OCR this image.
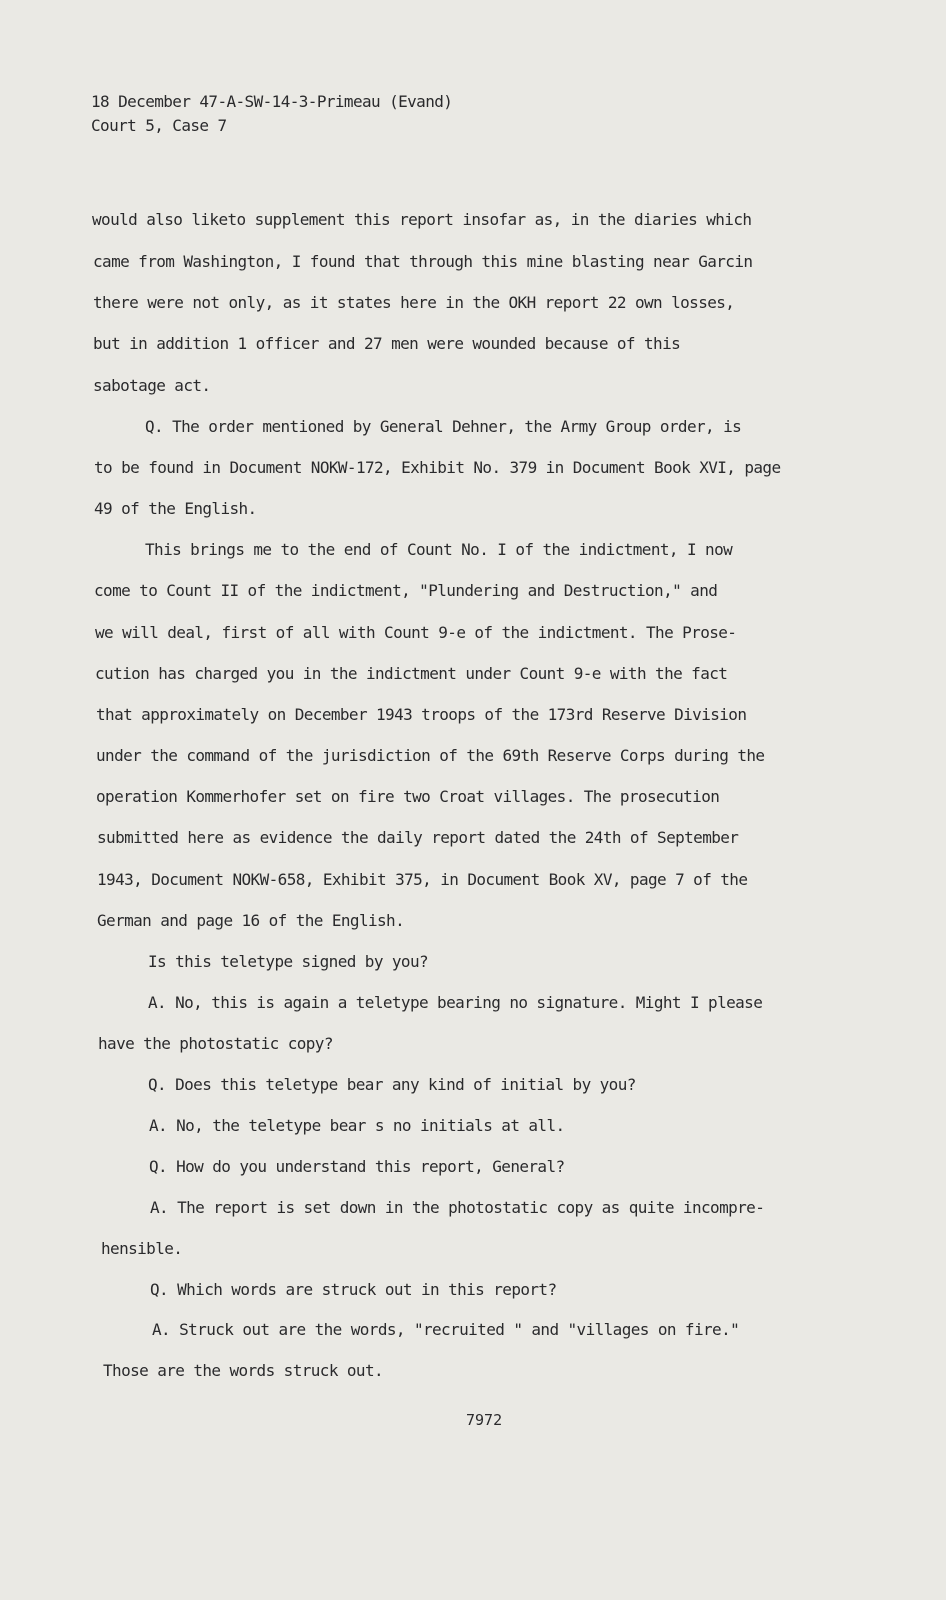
18 December 47-A-SW-14-3-Primeau (Evand)
Court 5, Case 7
would also liketo supplement this report insofar as, in the diaries which
came from Washington, I found that through this mine blasting near Garcin
there were not only, as it states here in the OKH report 22 own losses,
but in addition 1 officer and 27 men were wounded because of this
sabotage act.
Q. The order mentioned by General Dehner, the Army Group order, is
to be found in Document NOKW-172, Exhibit No. 379 in Document Book XVI, page
49 of the English.
This brings me to the end of Count No. I of the indictment, I now
come to Count II of the indictment, "Plundering and Destruction," and
we will deal, first of all with Count 9-e of the indictment. The Prose-
cution has charged you in the indictment under Count 9-e with the fact
that approximately on December 1943 troops of the 173rd Reserve Division
under the command of the jurisdiction of the 69th Reserve Corps during the
operation Kommerhofer set on fire two Croat villages. The prosecution
submitted here as evidence the daily report dated the 24th of September
1943, Document NOKW-658, Exhibit 375, in Document Book XV, page 7 of the
German and page 16 of the English.
Is this teletype signed by you?
A. No, this is again a teletype bearing no signature. Might I please
have the photostatic copy?
Q. Does this teletype bear any kind of initial by you?
A. No, the teletype bear s no initials at all.
Q. How do you understand this report, General?
A. The report is set down in the photostatic copy as quite incompre-
hensible.
Q. Which words are struck out in this report?
A. Struck out are the words, "recruited " and "villages on fire."
Those are the words struck out.
7972
